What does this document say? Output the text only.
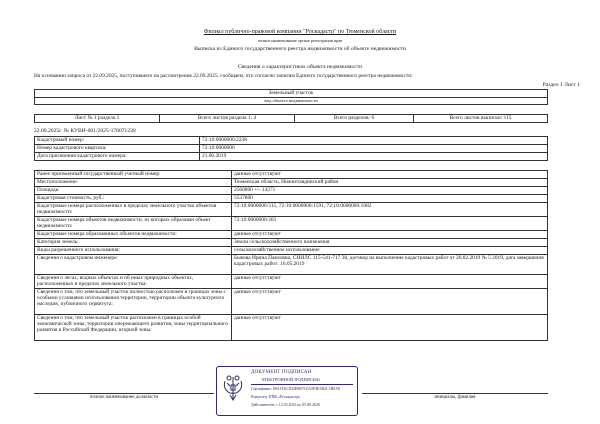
Филиал публично-правовой компании "Роскадастр" по Тюменской области
полное наименование органа регистрации прав
Выписка из Единого государственного реестра недвижимости об объекте недвижимости
Сведения о характеристиках объекта недвижимости
На основании запроса от 22.09.2025, поступившего на рассмотрение 22.09.2025, сообщаем, что согласно записям Единого государственного реестра недвижимости:
Раздел 1 Лист 1
Земельный участок
вид объекта недвижимости
Лист № 1 раздела 1	Всего листов раздела 1: 4	Всего разделов: 6	Всего листов выписки: 115
22.09.2025г. № КУВИ-001/2025-178071238
Кадастровый номер:	72:10:0000000:2238
Номер кадастрового квартала:	72:10:0000000
Дата присвоения кадастрового номера:	21.06.2019
Ранее присвоенный государственный учетный номер:	данные отсутствуют
Местоположение:	Тюменская область, Нижнетавдинский район
Площадь:	2560000 +/- 14271
Кадастровая стоимость, руб.:	5537800
Кадастровые номера расположенных в пределах земельного участка объектов недвижимости:	72:10:0000000:315, 72:10:0000000:1591, 72:10:0000000:1082
Кадастровые номера объектов недвижимости, из которых образован объект недвижимости:	72:10:0000000:303
Кадастровые номера образованных объектов недвижимости:	данные отсутствуют
Категория земель:	Земли сельскохозяйственного назначения
Виды разрешенного использования:	сельскохозяйственное использование
Сведения о кадастровом инженере:	Быкова Ирина Павловна, СНИЛС 115-541-717 38, договор на выполнение кадастровых работ от 26.02.2019 № 5 2019, дата завершения кадастровых работ: 16.05.2019
Сведения о лесах, водных объектах и об иных природных объектах, расположенных в пределах земельного участка:	данные отсутствуют
Сведения о том, что земельный участок полностью расположен в границах зоны с особыми условиями использования территории, территории объекта культурного наследия, публичного сервитута:	данные отсутствуют
Сведения о том, что земельный участок расположен в границах особой экономической зоны, территории опережающего развития, зоны территориального развития в Российской Федерации, игорной зоны:	данные отсутствуют
ДОКУМЕНТ ПОДПИСАН
ЭЛЕКТРОННОЙ ПОДПИСЬЮ
Сертификат: 00A1F4C3D2E8B7C6A5F4E3D2C1B0A9
Владелец: ППК «Роскадастр»
Действителен: с 12.03.2025 по 05.06.2026
полное наименование должности	инициалы, фамилия
